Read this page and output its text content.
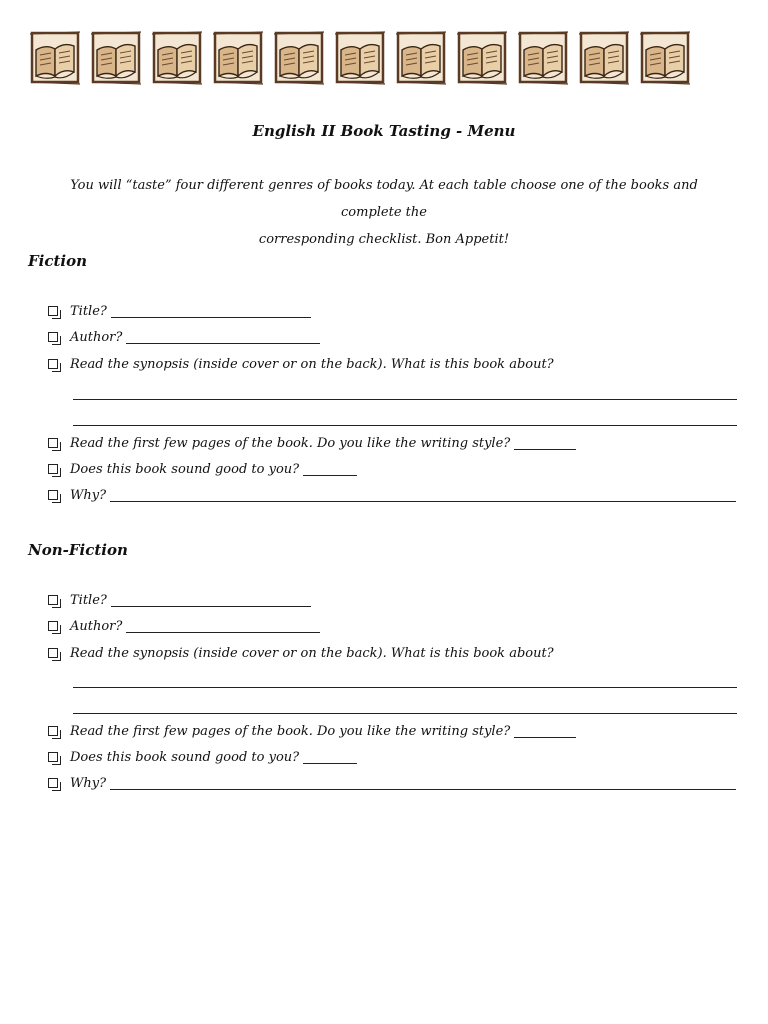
English II Book Tasting - Menu
You will “taste” four different genres of books today. At each table choose one of the books and complete the
corresponding checklist. Bon Appetit!
Fiction
Title?
Author?
Read the synopsis (inside cover or on the back). What is this book about?
Read the first few pages of the book. Do you like the writing style?
Does this book sound good to you?
Why?
Non-Fiction
Title?
Author?
Read the synopsis (inside cover or on the back). What is this book about?
Read the first few pages of the book. Do you like the writing style?
Does this book sound good to you?
Why?
